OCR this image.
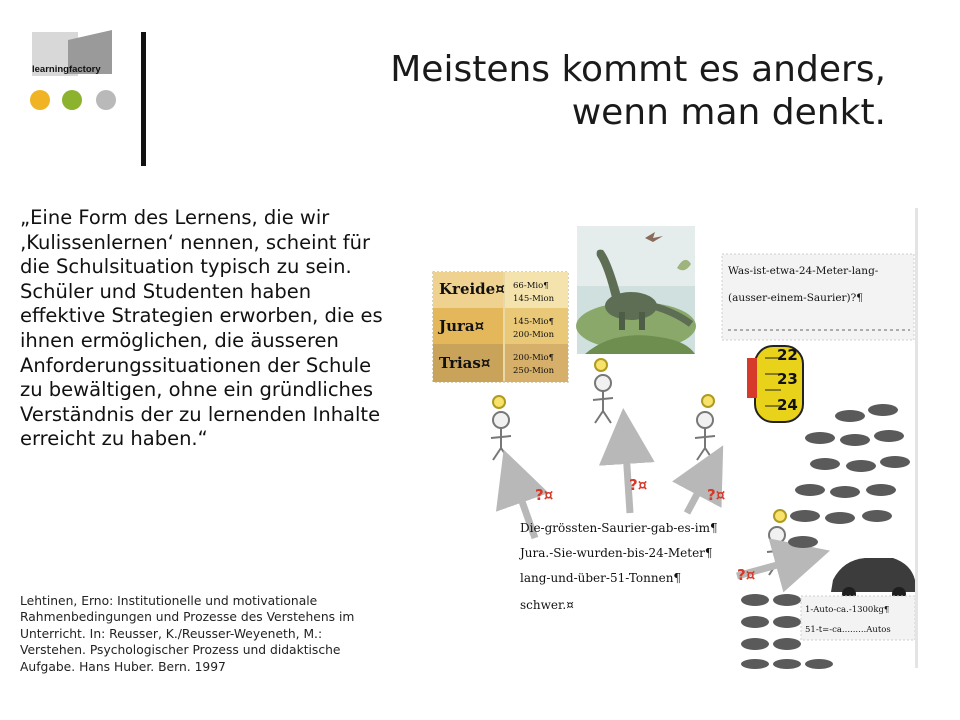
learningfactory	Meistens kommt es anders,
wenn man denkt.
„Eine Form des Lernens, die wir ‚Kulissenlernen‘ nennen, scheint für die Schulsituation typisch zu sein. Schüler und Studenten haben effektive Strategien erworben, die es ihnen ermöglichen, die äusseren Anforderungssituationen der Schule zu bewältigen, ohne ein gründliches Verständnis der zu lernenden Inhalte erreicht zu haben.“
Lehtinen, Erno: Institutionelle und motivationale Rahmenbedingungen und Prozesse des Verstehens im Unterricht. In: Reusser, K./Reusser-Weyeneth, M.: Verstehen. Psychologischer Prozess und didaktische Aufgabe. Hans Huber. Bern. 1997
Kreide¤
Jura¤
Trias¤
66-Mio¶
145-Mion
145-Mio¶
200-Mion
200-Mio¶
250-Mion
Was-ist-etwa-24-Meter-lang-
(ausser-einem-Saurier)?¶
22
23
24
?¤
?¤
?¤
?¤
Die-grössten-Saurier-gab-es-im¶
Jura.-Sie-wurden-bis-24-Meter¶
lang-und-über-51-Tonnen¶
schwer.¤	1-Auto-ca.-1300kg¶
51-t=-ca.........Autos
